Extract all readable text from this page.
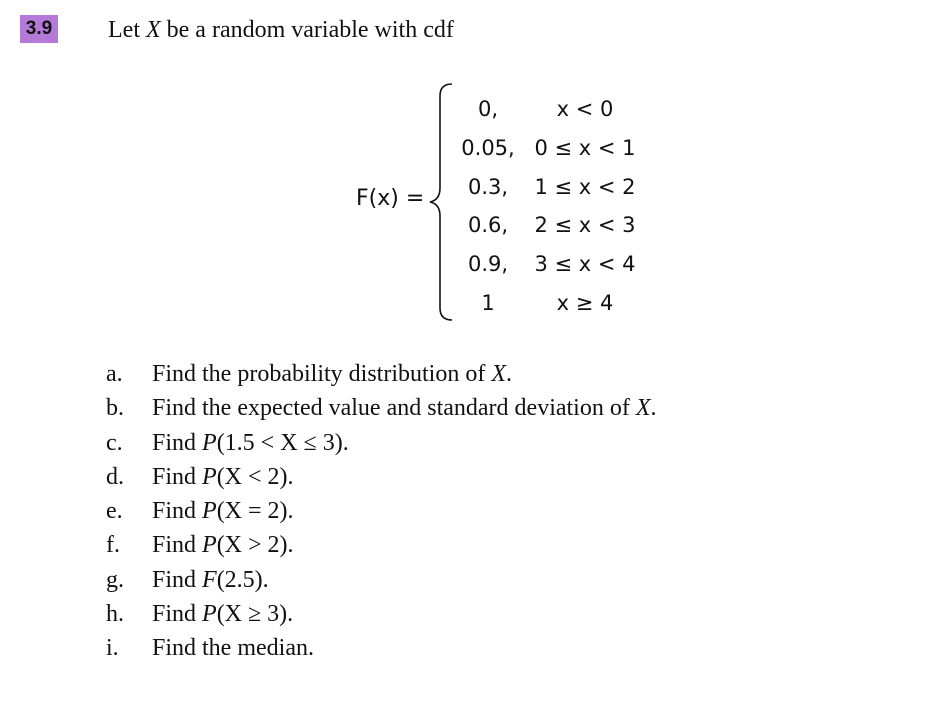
3.9 Let X be a random variable with cdf
F(x) =
0,	x < 0
0.05, 0 ≤ x < 1
0.3,	1 ≤ x < 2
0.6,	2 ≤ x < 3
0.9,	3 ≤ x < 4
1	x ≥ 4
a.	Find the probability distribution of X.
b.	Find the expected value and standard deviation of X.
c.	Find P(1.5 < X ≤ 3).
d.	Find P(X < 2).
e.	Find P(X = 2).
f.	Find P(X > 2).
g.	Find F(2.5).
h.	Find P(X ≥ 3).
i.	Find the median.
